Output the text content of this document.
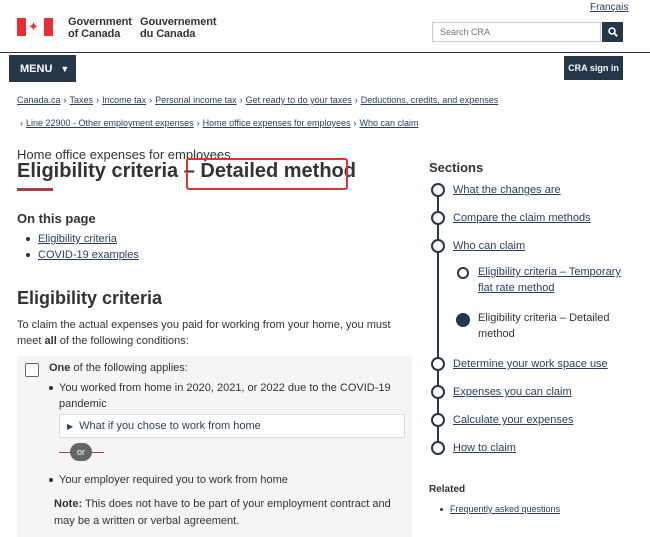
Français
✦	Government
of Canada
Gouvernement
du Canada
Search CRA
MENU ▼	CRA sign in
Canada.ca › Taxes › Income tax › Personal income tax › Get ready to do your taxes › Deductions, credits, and expenses
› Line 22900 - Other employment expenses › Home office expenses for employees › Who can claim
Home office expenses for employees
Eligibility criteria – Detailed method
On this page
Eligibility criteria
COVID-19 examples
Eligibility criteria
To claim the actual expenses you paid for working from your home, you must meet all of the following conditions:
One of the following applies:
You worked from home in 2020, 2021, or 2022 due to the COVID-19 pandemic
▶ What if you chose to work from home
or
Your employer required you to work from home
Note: This does not have to be part of your employment contract and may be a written or verbal agreement.
Sections
What the changes are
Compare the claim methods
Who can claim
Eligibility criteria – Temporary flat rate method
Eligibility criteria – Detailed method
Determine your work space use
Expenses you can claim
Calculate your expenses
How to claim
Related
Frequently asked questions
